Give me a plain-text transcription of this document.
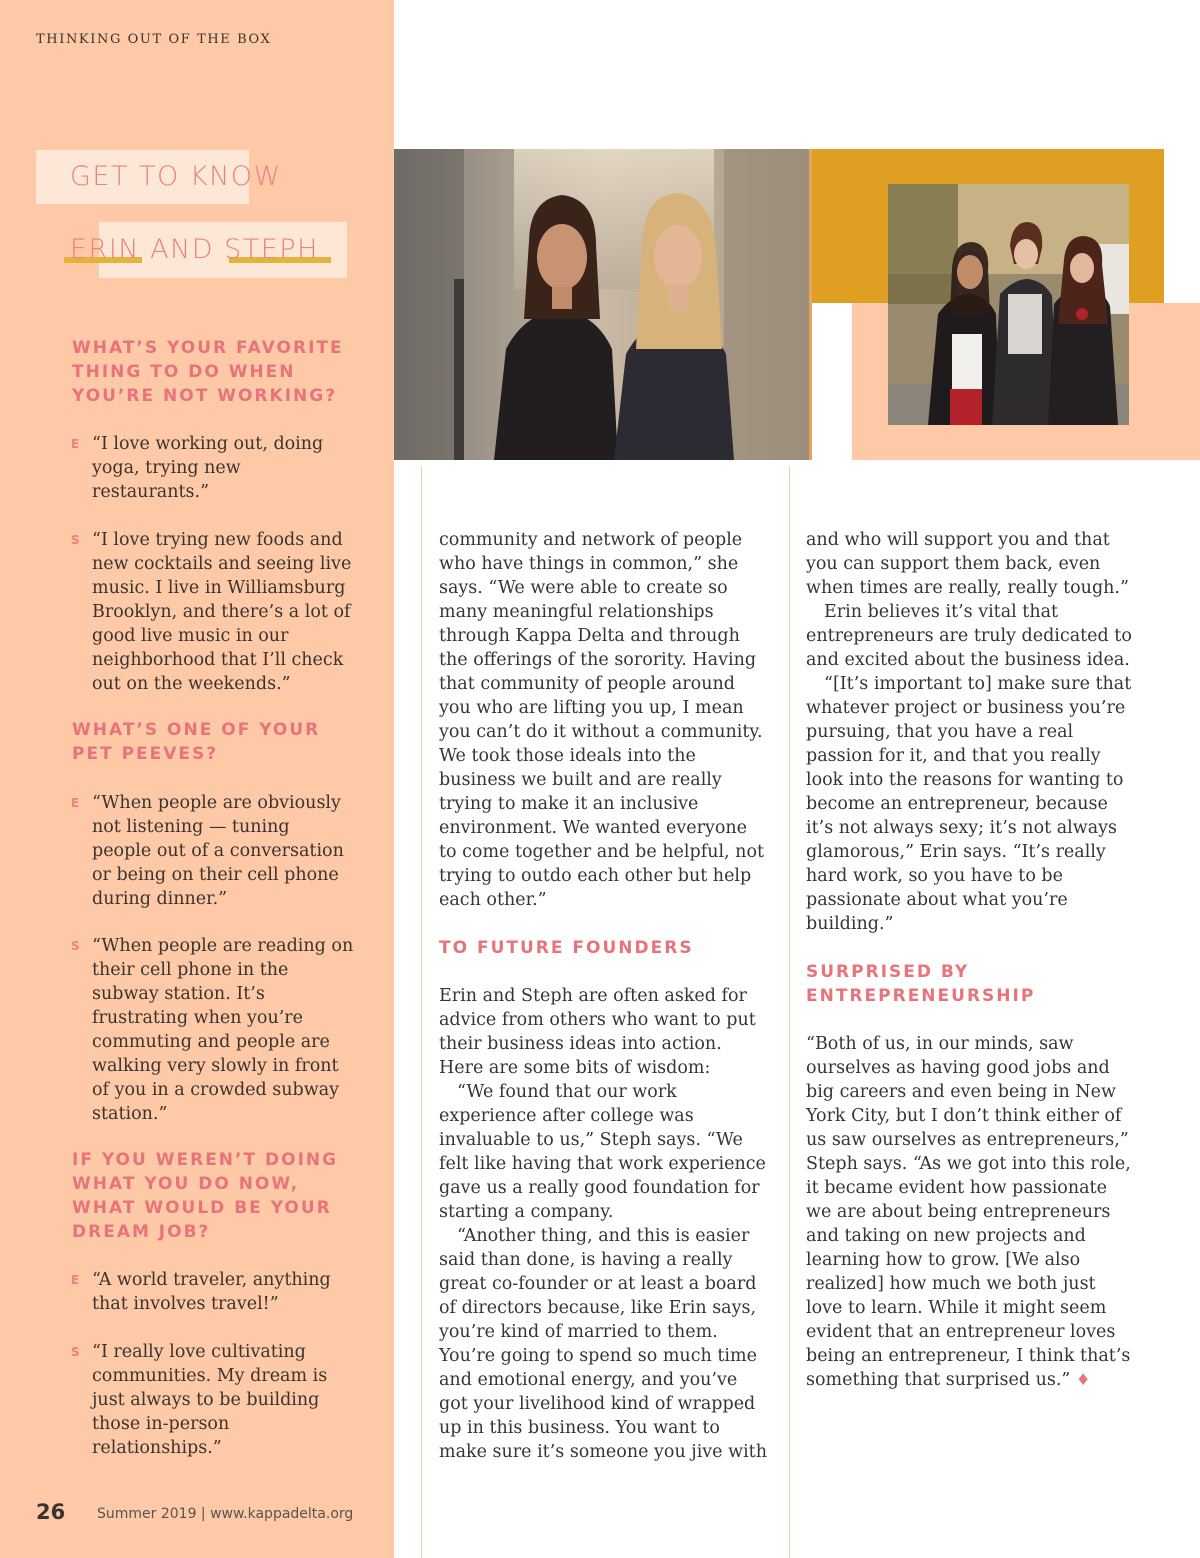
THINKING OUT OF THE BOX
GET TO KNOW
ERIN AND STEPH
WHAT’S YOUR FAVORITE
THING TO DO WHEN
YOU’RE NOT WORKING?
E “I love working out, doing
yoga, trying new
restaurants.”
S “I love trying new foods and
new cocktails and seeing live
music. I live in Williamsburg
Brooklyn, and there’s a lot of
good live music in our
neighborhood that I’ll check
out on the weekends.”
WHAT’S ONE OF YOUR
PET PEEVES?
E “When people are obviously
not listening — tuning
people out of a conversation
or being on their cell phone
during dinner.”
S “When people are reading on
their cell phone in the
subway station. It’s
frustrating when you’re
commuting and people are
walking very slowly in front
of you in a crowded subway
station.”
IF YOU WEREN’T DOING
WHAT YOU DO NOW,
WHAT WOULD BE YOUR
DREAM JOB?
E “A world traveler, anything
that involves travel!”
S “I really love cultivating
communities. My dream is
just always to be building
those in-person
relationships.”
26 Summer 2019 | www.kappadelta.org

community and network of people
who have things in common,” she
says. “We were able to create so
many meaningful relationships
through Kappa Delta and through
the offerings of the sorority. Having
that community of people around
you who are lifting you up, I mean
you can’t do it without a community.
We took those ideals into the
business we built and are really
trying to make it an inclusive
environment. We wanted everyone
to come together and be helpful, not
trying to outdo each other but help
each other.”

TO FUTURE FOUNDERS

Erin and Steph are often asked for
advice from others who want to put
their business ideas into action.
Here are some bits of wisdom:

“We found that our work
experience after college was
invaluable to us,” Steph says. “We
felt like having that work experience
gave us a really good foundation for
starting a company.

“Another thing, and this is easier
said than done, is having a really
great co-founder or at least a board
of directors because, like Erin says,
you’re kind of married to them.
You’re going to spend so much time
and emotional energy, and you’ve
got your livelihood kind of wrapped
up in this business. You want to
make sure it’s someone you jive with

and who will support you and that
you can support them back, even
when times are really, really tough.”

Erin believes it’s vital that
entrepreneurs are truly dedicated to
and excited about the business idea.

“[It’s important to] make sure that
whatever project or business you’re
pursuing, that you have a real
passion for it, and that you really
look into the reasons for wanting to
become an entrepreneur, because
it’s not always sexy; it’s not always
glamorous,” Erin says. “It’s really
hard work, so you have to be
passionate about what you’re
building.”

SURPRISED BY
ENTREPRENEURSHIP

“Both of us, in our minds, saw
ourselves as having good jobs and
big careers and even being in New
York City, but I don’t think either of
us saw ourselves as entrepreneurs,”
Steph says. “As we got into this role,
it became evident how passionate
we are about being entrepreneurs
and taking on new projects and
learning how to grow. [We also
realized] how much we both just
love to learn. While it might seem
evident that an entrepreneur loves
being an entrepreneur, I think that’s
something that surprised us.” ♦
